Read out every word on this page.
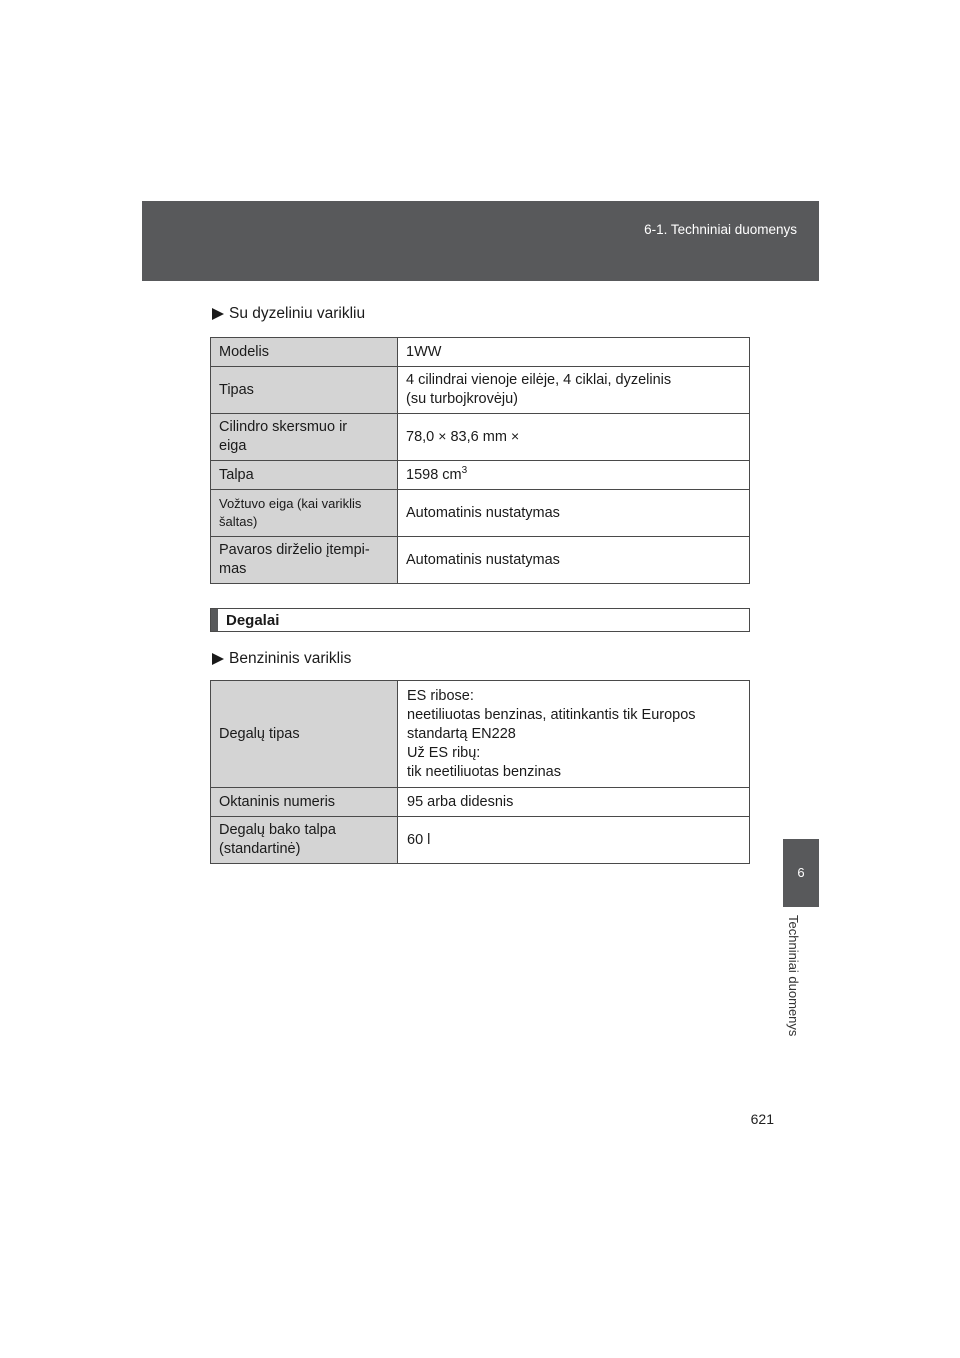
6-1. Techniniai duomenys
6
Techniniai duomenys
Su dyzeliniu varikliu
Modelis	1WW
Tipas	4 cilindrai vienoje eilėje, 4 ciklai, dyzelinis
(su turbojkrovėju)

Cilindro skersmuo ir
eiga	78,0 × 83,6 mm ×
Talpa	1598 $cm^3$

Vožtuvo eiga (kai variklis
šaltas)	Automatinis nustatymas

Pavaros dirželio įtempi-
mas	Automatinis nustatymas
Degalai
Benzininis variklis
Degalų tipas	ES ribose:
neetiliuotas benzinas, atitinkantis tik Europos
standartą EN228
Už ES ribų:
tik neetiliuotas benzinas

Oktaninis numeris	95 arba didesnis

Degalų bako talpa
(standartinė)	60 l
621
